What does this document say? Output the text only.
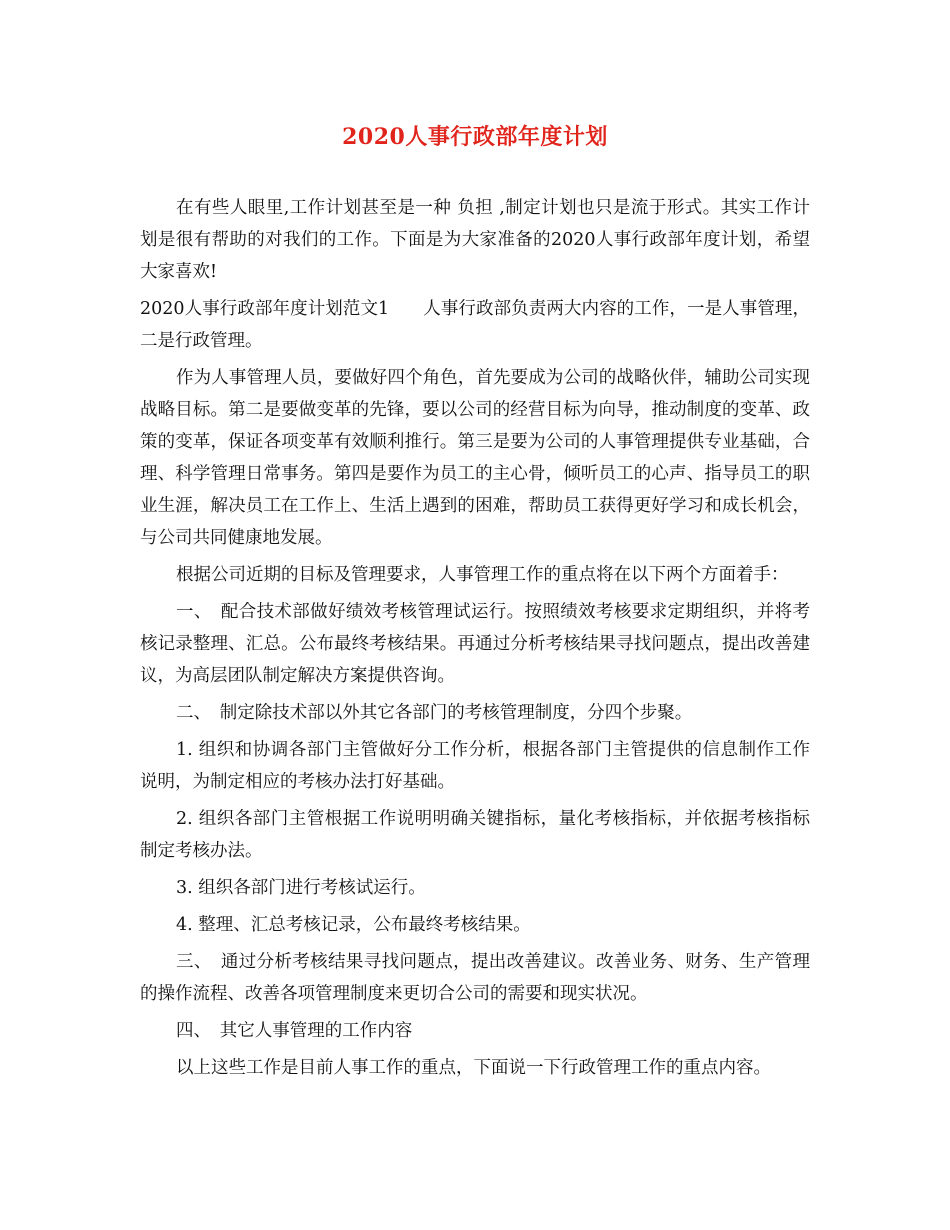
2020人事行政部年度计划

在有些人眼里,工作计划甚至是一种 负担 ,制定计划也只是流于形式。其实工作计划是很有帮助的对我们的工作。下面是为大家准备的2020人事行政部年度计划，希望大家喜欢!

2020人事行政部年度计划范文1 人事行政部负责两大内容的工作，一是人事管理，二是行政管理。

作为人事管理人员，要做好四个角色，首先要成为公司的战略伙伴，辅助公司实现战略目标。第二是要做变革的先锋，要以公司的经营目标为向导，推动制度的变革、政策的变革，保证各项变革有效顺利推行。第三是要为公司的人事管理提供专业基础，合理、科学管理日常事务。第四是要作为员工的主心骨，倾听员工的心声、指导员工的职业生涯，解决员工在工作上、生活上遇到的困难，帮助员工获得更好学习和成长机会，与公司共同健康地发展。

根据公司近期的目标及管理要求，人事管理工作的重点将在以下两个方面着手：

一、　配合技术部做好绩效考核管理试运行。按照绩效考核要求定期组织，并将考核记录整理、汇总。公布最终考核结果。再通过分析考核结果寻找问题点，提出改善建议，为高层团队制定解决方案提供咨询。

二、　制定除技术部以外其它各部门的考核管理制度，分四个步聚。

1. 组织和协调各部门主管做好分工作分析，根据各部门主管提供的信息制作工作说明，为制定相应的考核办法打好基础。

2. 组织各部门主管根据工作说明明确关键指标，量化考核指标，并依据考核指标制定考核办法。

3. 组织各部门进行考核试运行。

4. 整理、汇总考核记录，公布最终考核结果。

三、　通过分析考核结果寻找问题点，提出改善建议。改善业务、财务、生产管理的操作流程、改善各项管理制度来更切合公司的需要和现实状况。

四、　其它人事管理的工作内容

以上这些工作是目前人事工作的重点，下面说一下行政管理工作的重点内容。
